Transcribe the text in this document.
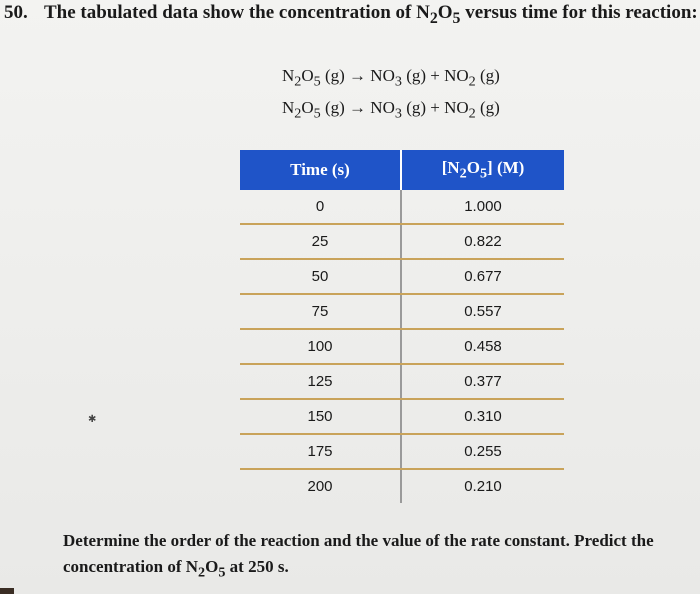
50. The tabulated data show the concentration of $N_2O_5$ versus time for this reaction:
$N_2O_5$ $(g) \to NO_3$ $(g) + NO_2$ (g)
$N_2O_5$ $(g) \to NO_3$ $(g) + NO_2$ (g)
Time (s)	$[N_2O_5]$ (M)
0	1.000
25	0.822
50	0.677
75	0.557
100	0.458
125	0.377
150	0.310
175	0.255
200	0.210
✱
Determine the order of the reaction and the value of the rate constant. Predict the
concentration of $N_2O_5$ at 250 s.
